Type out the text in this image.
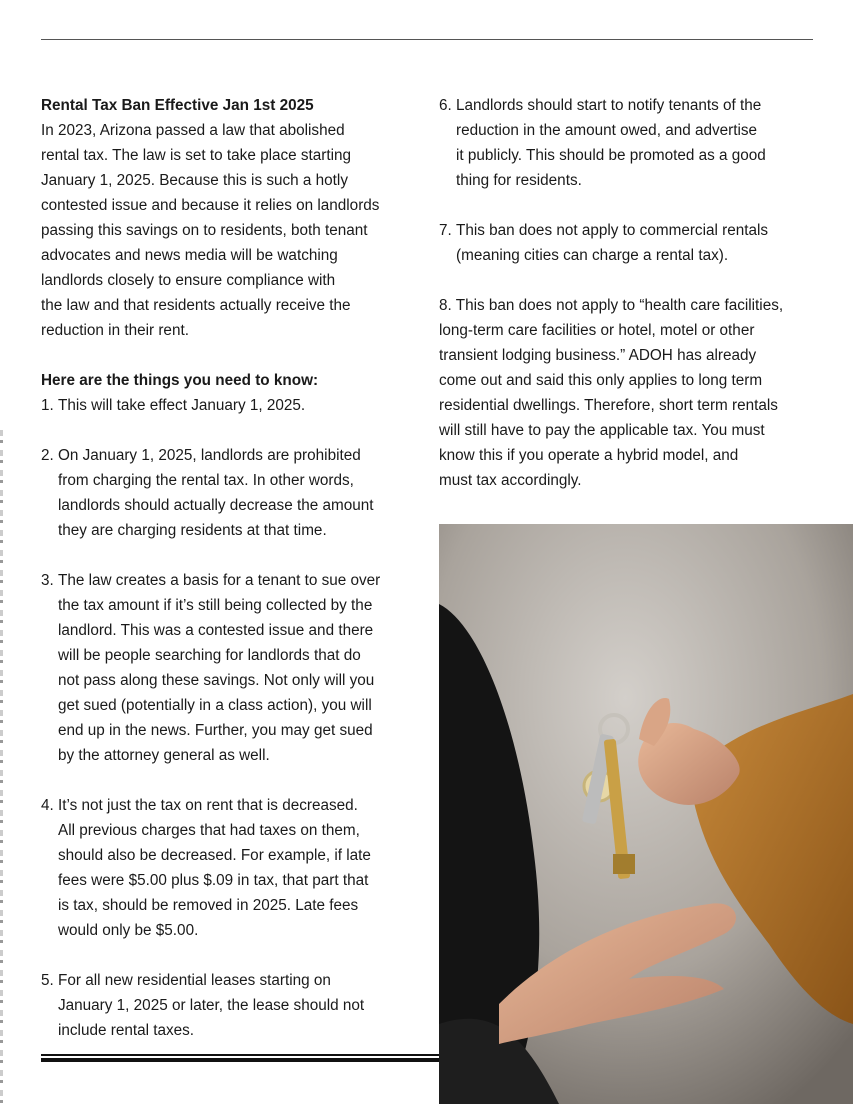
Rental Tax Ban Effective Jan 1st 2025

In 2023, Arizona passed a law that abolished

rental tax. The law is set to take place starting

January 1, 2025. Because this is such a hotly

contested issue and because it relies on landlords

passing this savings on to residents, both tenant

advocates and news media will be watching

landlords closely to ensure compliance with

the law and that residents actually receive the

reduction in their rent.

Here are the things you need to know:

1. This will take effect January 1, 2025.

2. On January 1, 2025, landlords are prohibited

from charging the rental tax. In other words,

landlords should actually decrease the amount

they are charging residents at that time.

3. The law creates a basis for a tenant to sue over

the tax amount if it’s still being collected by the

landlord. This was a contested issue and there

will be people searching for landlords that do

not pass along these savings. Not only will you

get sued (potentially in a class action), you will

end up in the news. Further, you may get sued

by the attorney general as well.

4. It’s not just the tax on rent that is decreased.

All previous charges that had taxes on them,

should also be decreased. For example, if late

fees were $5.00 plus $.09 in tax, that part that

is tax, should be removed in 2025. Late fees

would only be $5.00.

5. For all new residential leases starting on

January 1, 2025 or later, the lease should not

include rental taxes.

6. Landlords should start to notify tenants of the

reduction in the amount owed, and advertise

it publicly. This should be promoted as a good

thing for residents.

7. This ban does not apply to commercial rentals

(meaning cities can charge a rental tax).

8. This ban does not apply to “health care facilities,

long-term care facilities or hotel, motel or other

transient lodging business.” ADOH has already

come out and said this only applies to long term

residential dwellings. Therefore, short term rentals

will still have to pay the applicable tax. You must

know this if you operate a hybrid model, and

must tax accordingly.
